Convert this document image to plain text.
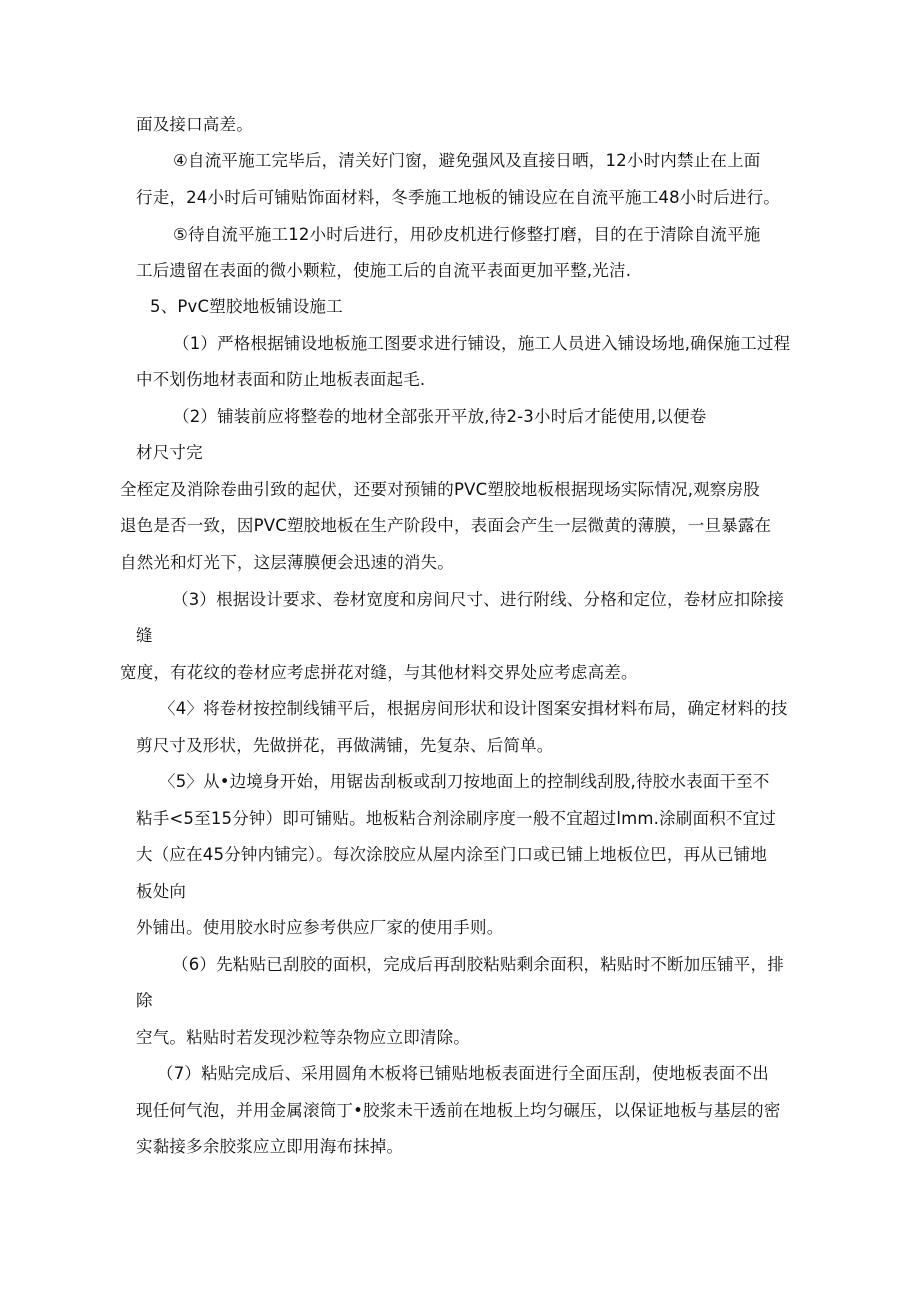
面及接口高差。
④自流平施工完毕后，清关好门窗，避免强风及直接日晒，12小时内禁止在上面
行走，24小时后可铺贴饰面材料，冬季施工地板的铺设应在自流平施工48小时后进行。
⑤待自流平施工12小时后进行，用砂皮机进行修整打磨，目的在于清除自流平施
工后遗留在表面的微小颗粒，使施工后的自流平表面更加平整,光洁.
5、PvC塑胶地板铺设施工
（1）严格根据铺设地板施工图要求进行铺设，施工人员进入铺设场地,确保施工过程
中不划伤地材表面和防止地板表面起毛.
（2）铺装前应将整卷的地材全部张开平放,待2-3小时后才能使用,以便卷
材尺寸完
全桎定及消除卷曲引致的起伏，还要对预铺的PVC塑胶地板根据现场实际情况,观察房股
退色是否一致，因PVC塑胶地板在生产阶段中，表面会产生一层微黄的薄膜，一旦暴露在
自然光和灯光下，这层薄膜便会迅速的消失。
（3）根据设计要求、卷材宽度和房间尺寸、进行附线、分格和定位，卷材应扣除接
缝
宽度，有花纹的卷材应考虑拼花对缝，与其他材料交界处应考虑高差。
〈4〉将卷材按控制线铺平后，根据房间形状和设计图案安揖材料布局，确定材料的技
剪尺寸及形状，先做拼花，再做满铺，先复杂、后简单。
〈5〉从•边境身开始，用锯齿刮板或刮刀按地面上的控制线刮股,待胶水表面干至不
粘手<5至15分钟）即可铺贴。地板粘合剂涂刷序度一般不宜超过lmm.涂刷面积不宜过
大（应在45分钟内铺完）。每次涂胶应从屋内涂至门口或已铺上地板位巴，再从已铺地
板处向
外铺出。使用胶水时应参考供应厂家的使用手则。
（6）先粘贴已刮胶的面枳，完成后再刮胶粘贴剩余面积，粘贴时不断加压铺平，排
除
空气。粘贴时若发现沙粒等杂物应立即清除。
（7）粘贴完成后、采用圆角木板将已铺贴地板表面进行全面压刮，使地板表面不出
现任何气泡，并用金属滚筒丁•胶浆未干透前在地板上均匀碾压，以保证地板与基层的密
实黏接多余胶浆应立即用海布抹掉。
